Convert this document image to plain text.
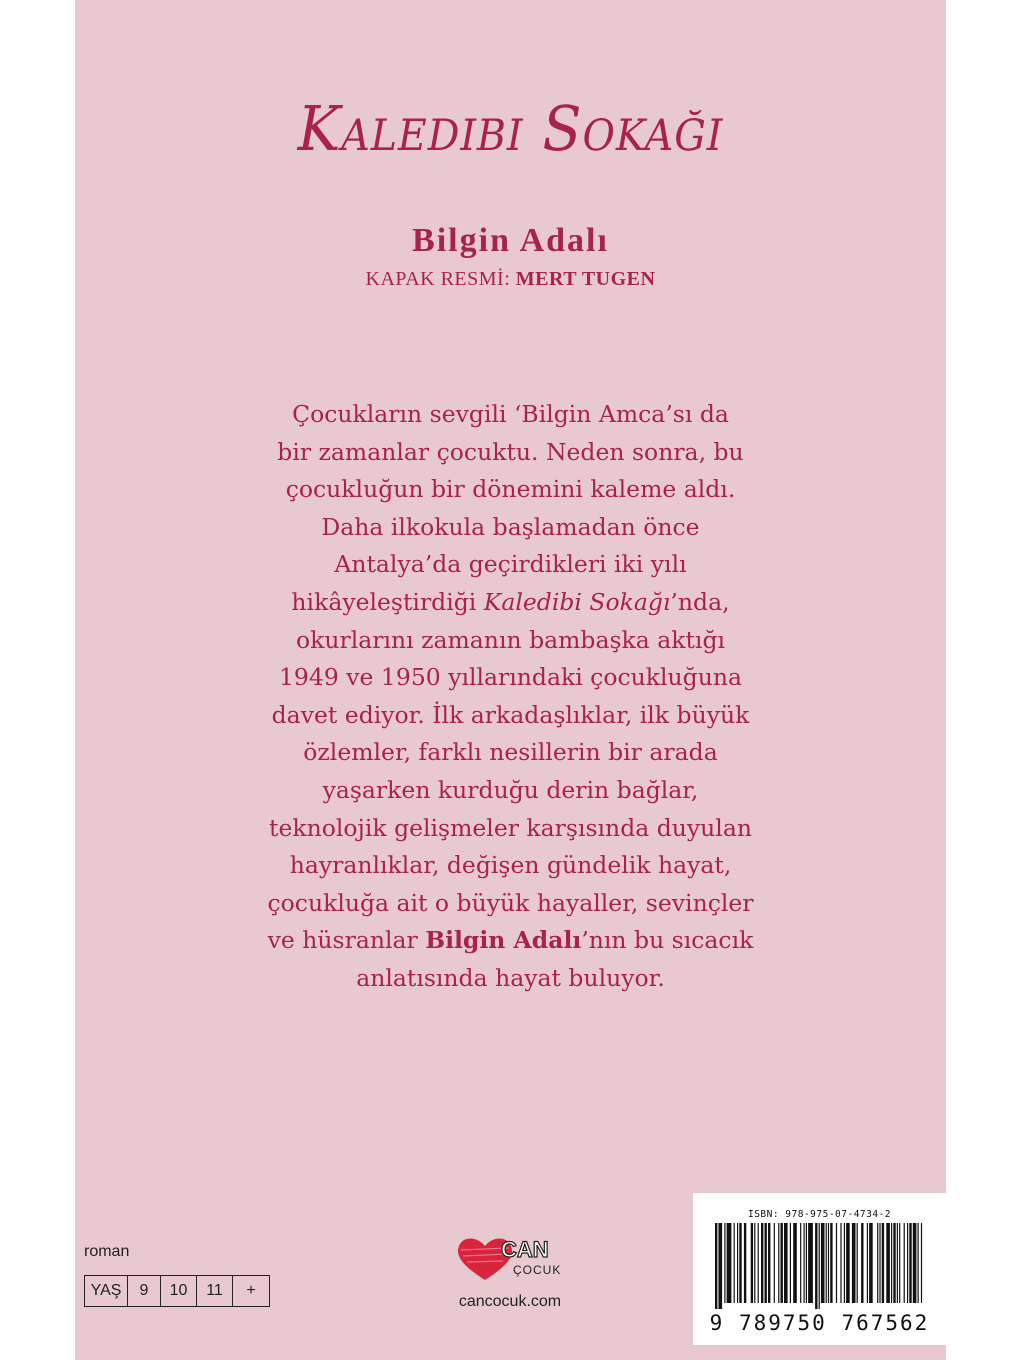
Kaledibi Sokağı
Bilgin Adalı
KAPAK RESMİ: MERT TUGEN
Çocukların sevgili ‘Bilgin Amca’sı da
bir zamanlar çocuktu. Neden sonra, bu
çocukluğun bir dönemini kaleme aldı.
Daha ilkokula başlamadan önce
Antalya’da geçirdikleri iki yılı
hikâyeleştirdiği Kaledibi Sokağı’nda,
okurlarını zamanın bambaşka aktığı
1949 ve 1950 yıllarındaki çocukluğuna
davet ediyor. İlk arkadaşlıklar, ilk büyük
özlemler, farklı nesillerin bir arada
yaşarken kurduğu derin bağlar,
teknolojik gelişmeler karşısında duyulan
hayranlıklar, değişen gündelik hayat,
çocukluğa ait o büyük hayaller, sevinçler
ve hüsranlar Bilgin Adalı’nın bu sıcacık
anlatısında hayat buluyor.
roman
YAŞ	9	10	11	+
CAN
ÇOCUK
cancocuk.com
ISBN: 978-975-07-4734-2
9 789750 767562
